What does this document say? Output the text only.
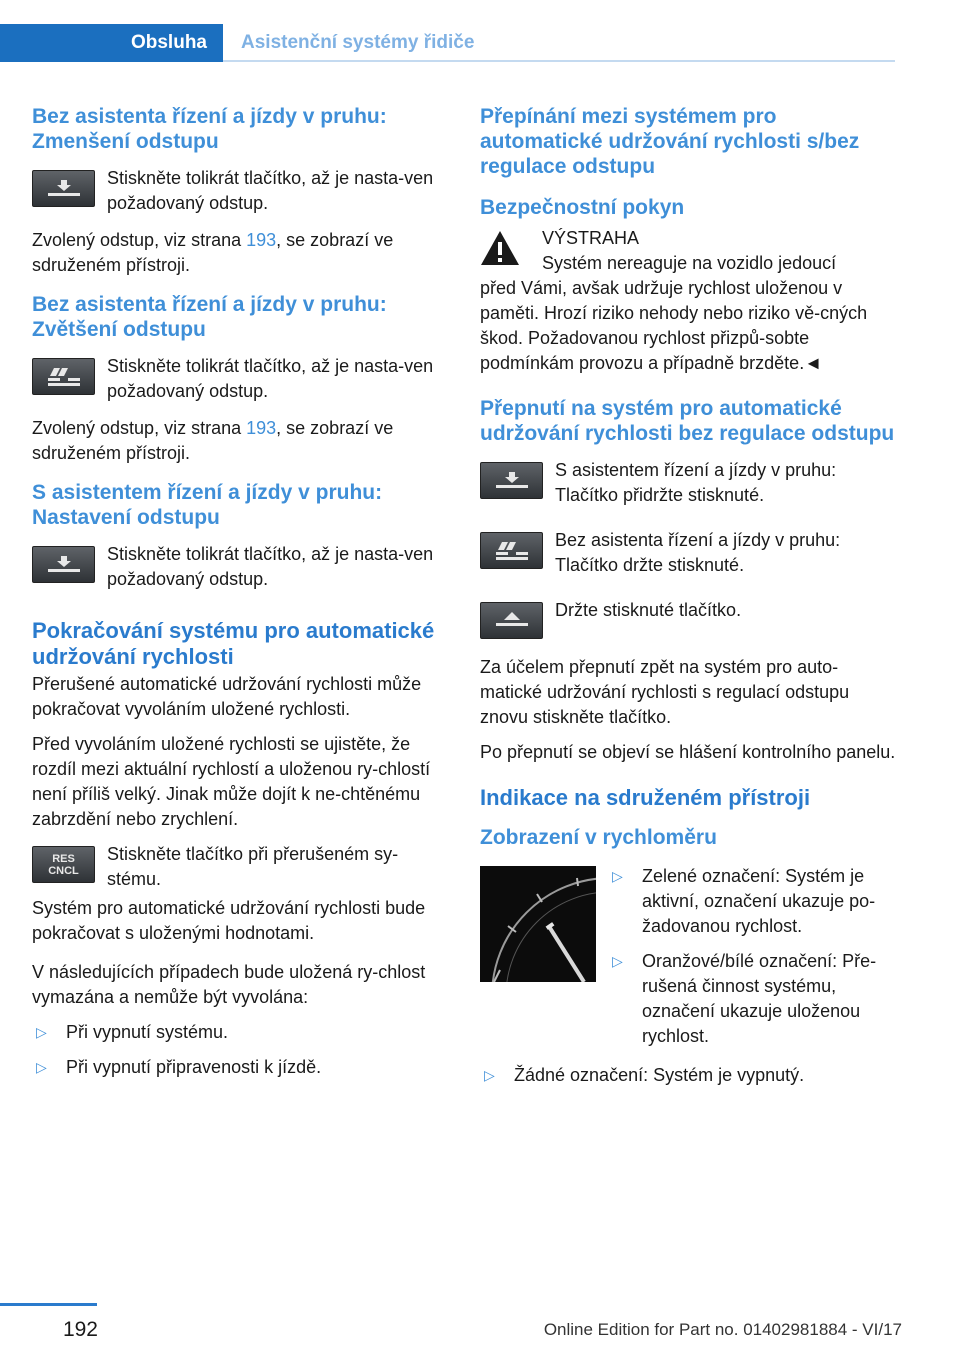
Obsluha Asistenční systémy řidiče
Bez asistenta řízení a jízdy v pruhu: Zmenšení odstupu
Stiskněte tolikrát tlačítko, až je nasta‐ven požadovaný odstup.

Zvolený odstup, viz strana 193, se zobrazí ve sdruženém přístroji.

Bez asistenta řízení a jízdy v pruhu: Zvětšení odstupu
Stiskněte tolikrát tlačítko, až je nasta‐ven požadovaný odstup.

Zvolený odstup, viz strana 193, se zobrazí ve sdruženém přístroji.

S asistentem řízení a jízdy v pruhu: Nastavení odstupu
Stiskněte tolikrát tlačítko, až je nasta‐ven požadovaný odstup.
Pokračování systému pro automatické udržování rychlosti

Přerušené automatické udržování rychlosti může pokračovat vyvoláním uložené rychlosti.

Před vyvoláním uložené rychlosti se ujistěte, že rozdíl mezi aktuální rychlostí a uloženou ry‐chlostí není příliš velký. Jinak může dojít k ne‐chtěnému zabrzdění nebo zrychlení.

RES
CNCL
Stiskněte tlačítko při přerušeném sy‐stému.

Systém pro automatické udržování rychlosti bude pokračovat s uloženými hodnotami.

V následujících případech bude uložená ry‐chlost vymazána a nemůže být vyvolána:

▷ Při vypnutí systému.
▷ Při vypnutí připravenosti k jízdě.
Přepínání mezi systémem pro automatické udržování rychlosti s/bez regulace odstupu
Bezpečnostní pokyn
VÝSTRAHA
Systém nereaguje na vozidlo jedoucí

před Vámi, avšak udržuje rychlost uloženou v paměti. Hrozí riziko nehody nebo riziko vě‐cných škod. Požadovanou rychlost přizpů‐sobte podmínkám provozu a případně brzděte.◄

Přepnutí na systém pro automatické udržování rychlosti bez regulace odstupu
S asistentem řízení a jízdy v pruhu: Tlačítko přidržte stisknuté.
Bez asistenta řízení a jízdy v pruhu: Tlačítko držte stisknuté.
Držte stisknuté tlačítko.

Za účelem přepnutí zpět na systém pro auto‐matické udržování rychlosti s regulací odstupu znovu stiskněte tlačítko.

Po přepnutí se objeví se hlášení kontrolního panelu.

Indikace na sdruženém přístroji
Zobrazení v rychloměru
▷ Zelené označení: Systém je aktivní, označení ukazuje po‐žadovanou rychlost.
▷ Oranžové/bílé označení: Pře‐rušená činnost systému, označení ukazuje uloženou rychlost.
▷ Žádné označení: Systém je vypnutý.
192	Online Edition for Part no. 01402981884 - VI/17
